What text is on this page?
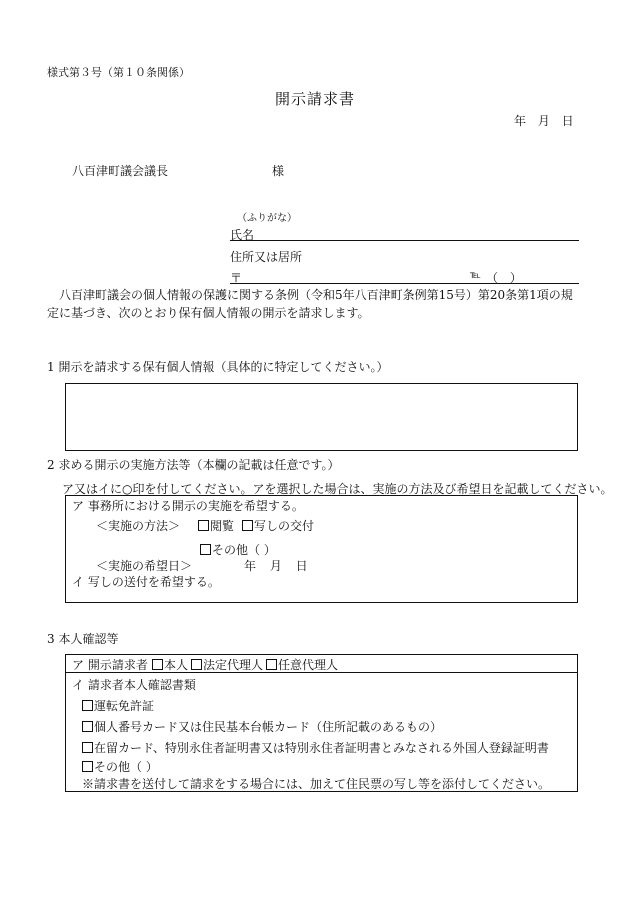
様式第３号（第１０条関係）
開示請求書
年 月 日
八百津町議会議長	様
（ふりがな）
氏名
住所又は居所
〒	℡ （ ）
八百津町議会の個人情報の保護に関する条例（令和5年八百津町条例第15号）第20条第1項の規定に基づき、次のとおり保有個人情報の開示を請求します。
1 開示を請求する保有個人情報（具体的に特定してください。）
2 求める開示の実施方法等（本欄の記載は任意です。）
ア又はイに○印を付してください。アを選択した場合は、実施の方法及び希望日を記載してください。
ア 事務所における開示の実施を希望する。
＜実施の方法＞	閲覧	写しの交付
その他（ ）
＜実施の希望日＞	年 月 日
イ 写しの送付を希望する。
3 本人確認等
ア 開示請求者	本人	法定代理人	任意代理人
イ 請求者本人確認書類
運転免許証
個人番号カード又は住民基本台帳カード（住所記載のあるもの）
在留カード、特別永住者証明書又は特別永住者証明書とみなされる外国人登録証明書
その他（ ）
※請求書を送付して請求をする場合には、加えて住民票の写し等を添付してください。
